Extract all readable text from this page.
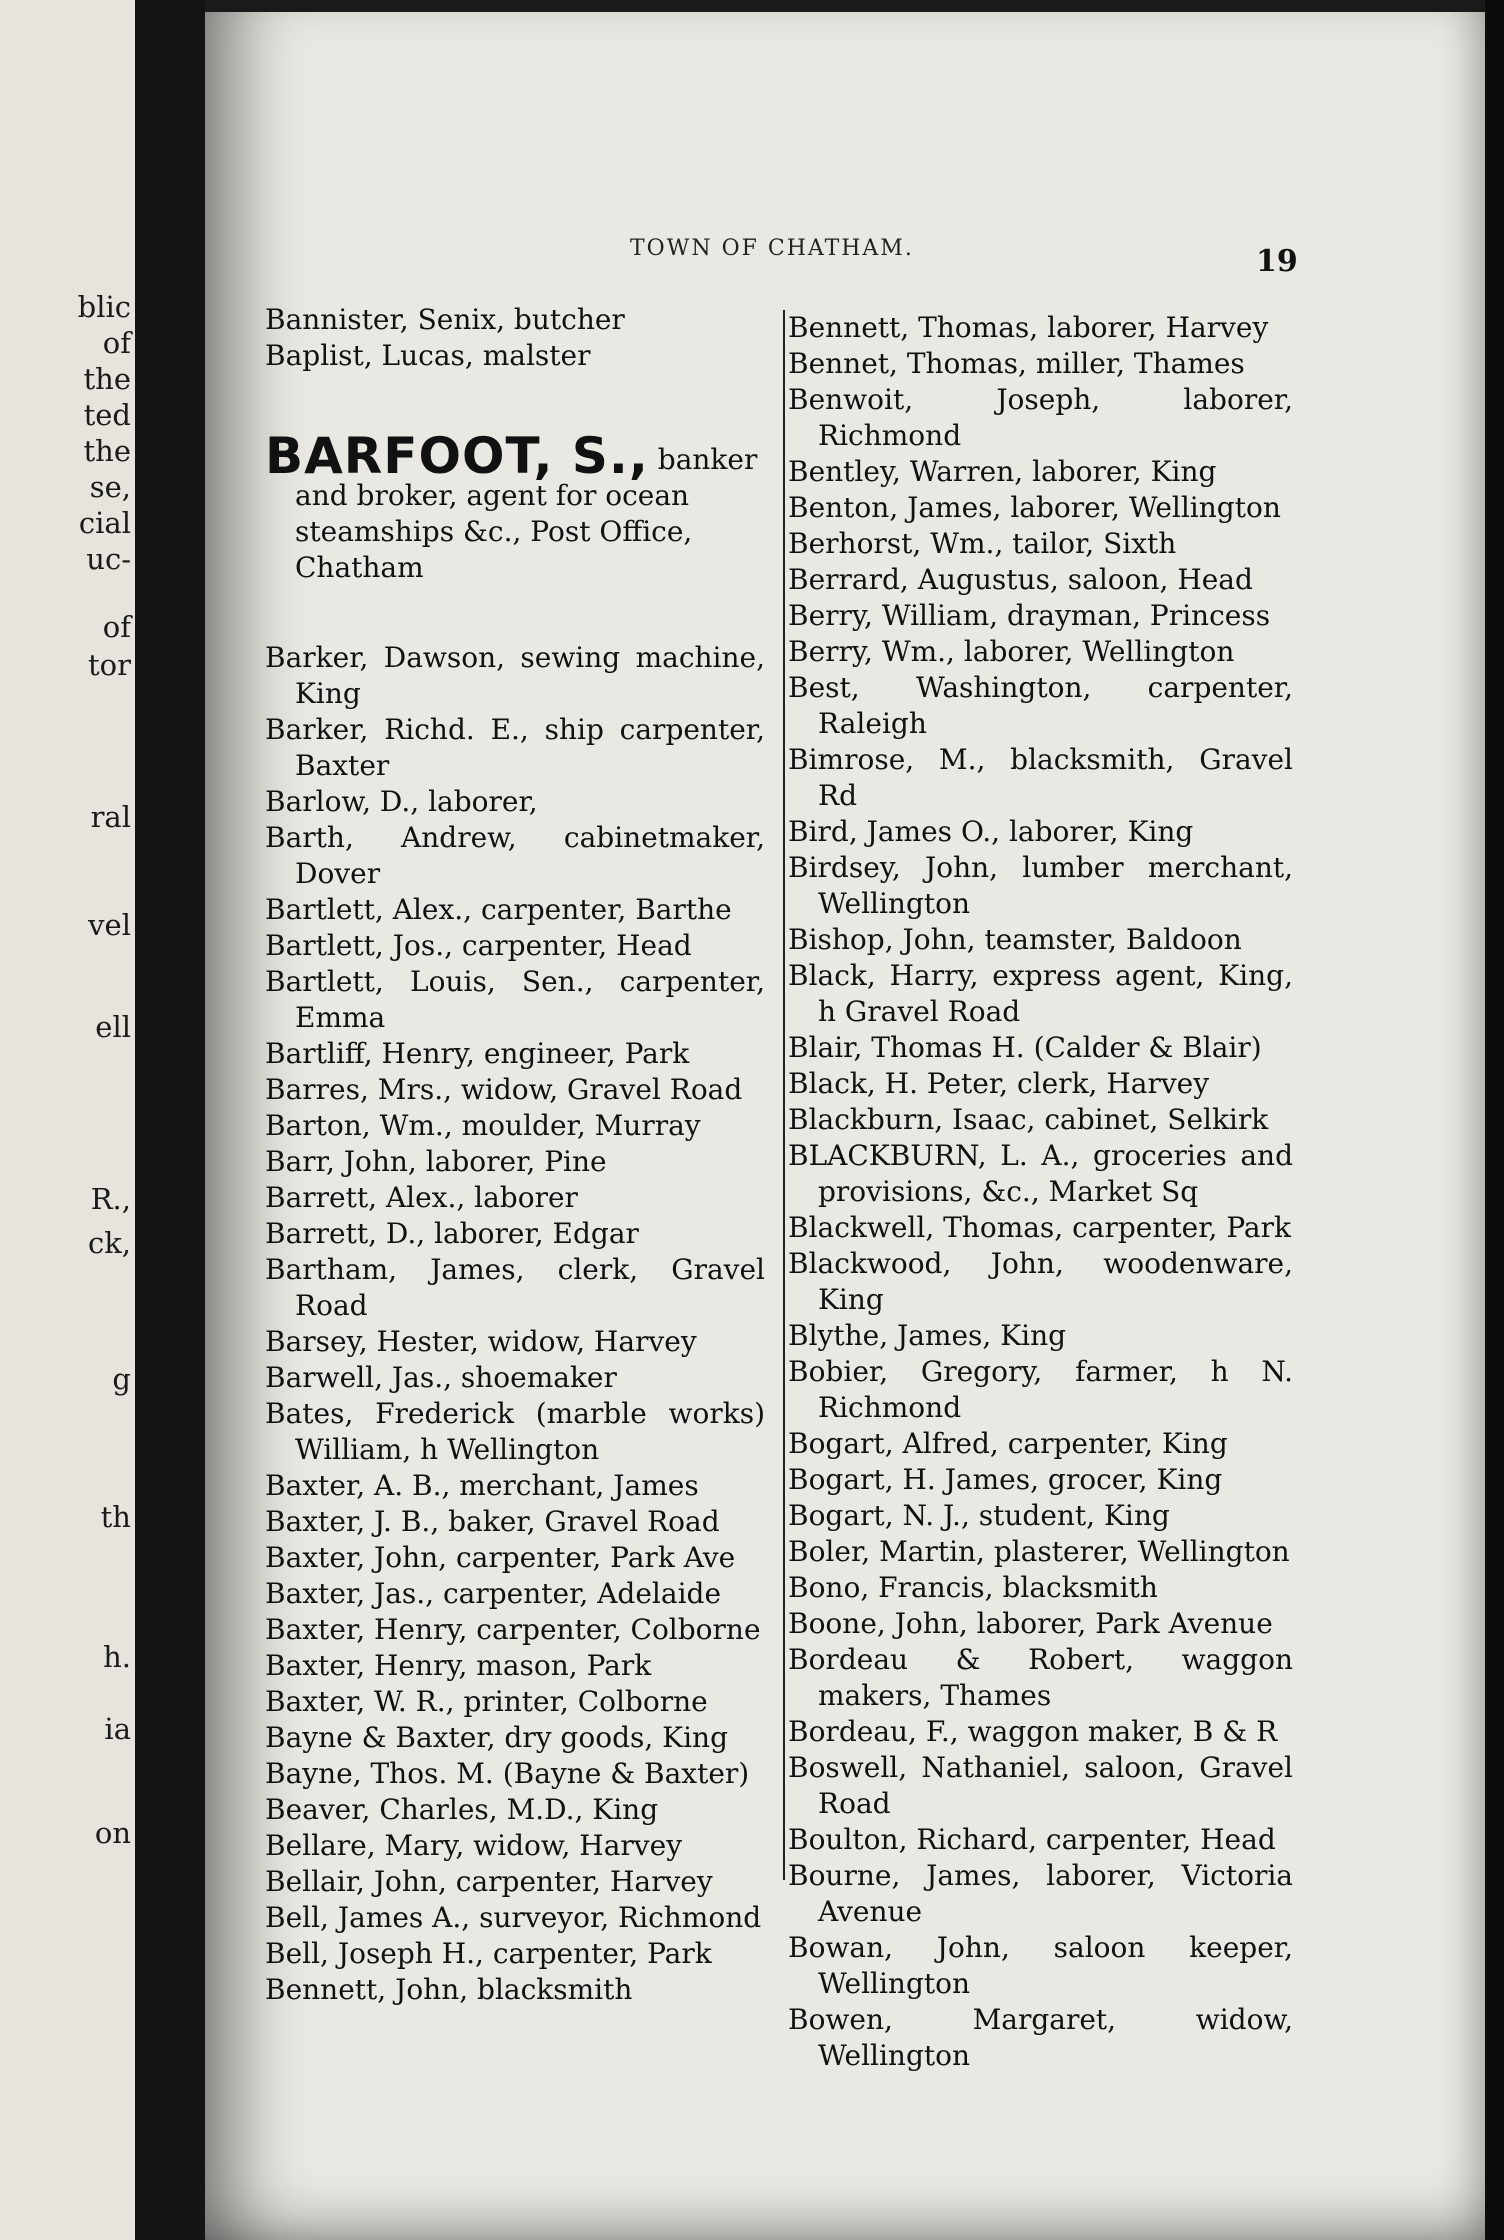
blic
of
the
ted
the
se,
cial
uc-
of
tor
ral
vel
ell
R.,
ck,
g
th
h.
ia
on
TOWN OF CHATHAM.	19

Bannister, Senix, butcher

Baplist, Lucas, malster

BARFOOT, S., banker and broker, agent for ocean steamships &c., Post Office, Chatham

Barker, Dawson, sewing machine, King

Barker, Richd. E., ship carpenter, Baxter

Barlow, D., laborer,

Barth, Andrew, cabinetmaker, Dover

Bartlett, Alex., carpenter, Barthe

Bartlett, Jos., carpenter, Head

Bartlett, Louis, Sen., carpenter, Emma

Bartliff, Henry, engineer, Park

Barres, Mrs., widow, Gravel Road

Barton, Wm., moulder, Murray

Barr, John, laborer, Pine

Barrett, Alex., laborer

Barrett, D., laborer, Edgar

Bartham, James, clerk, Gravel Road

Barsey, Hester, widow, Harvey

Barwell, Jas., shoemaker

Bates, Frederick (marble works) William, h Wellington

Baxter, A. B., merchant, James

Baxter, J. B., baker, Gravel Road

Baxter, John, carpenter, Park Ave

Baxter, Jas., carpenter, Adelaide

Baxter, Henry, carpenter, Colborne

Baxter, Henry, mason, Park

Baxter, W. R., printer, Colborne

Bayne & Baxter, dry goods, King

Bayne, Thos. M. (Bayne & Baxter)

Beaver, Charles, M.D., King

Bellare, Mary, widow, Harvey

Bellair, John, carpenter, Harvey

Bell, James A., surveyor, Richmond

Bell, Joseph H., carpenter, Park

Bennett, John, blacksmith

Bennett, Thomas, laborer, Harvey

Bennet, Thomas, miller, Thames

Benwoit, Joseph, laborer, Richmond

Bentley, Warren, laborer, King

Benton, James, laborer, Wellington

Berhorst, Wm., tailor, Sixth

Berrard, Augustus, saloon, Head

Berry, William, drayman, Princess

Berry, Wm., laborer, Wellington

Best, Washington, carpenter, Raleigh

Bimrose, M., blacksmith, Gravel Rd

Bird, James O., laborer, King

Birdsey, John, lumber merchant, Wellington

Bishop, John, teamster, Baldoon

Black, Harry, express agent, King, h Gravel Road

Blair, Thomas H. (Calder & Blair)

Black, H. Peter, clerk, Harvey

Blackburn, Isaac, cabinet, Selkirk

BLACKBURN, L. A., groceries and provisions, &c., Market Sq

Blackwell, Thomas, carpenter, Park

Blackwood, John, woodenware, King

Blythe, James, King

Bobier, Gregory, farmer, h N. Richmond

Bogart, Alfred, carpenter, King

Bogart, H. James, grocer, King

Bogart, N. J., student, King

Boler, Martin, plasterer, Wellington

Bono, Francis, blacksmith

Boone, John, laborer, Park Avenue

Bordeau & Robert, waggon makers, Thames

Bordeau, F., waggon maker, B & R

Boswell, Nathaniel, saloon, Gravel Road

Boulton, Richard, carpenter, Head

Bourne, James, laborer, Victoria Avenue

Bowan, John, saloon keeper, Wellington

Bowen, Margaret, widow, Wellington
